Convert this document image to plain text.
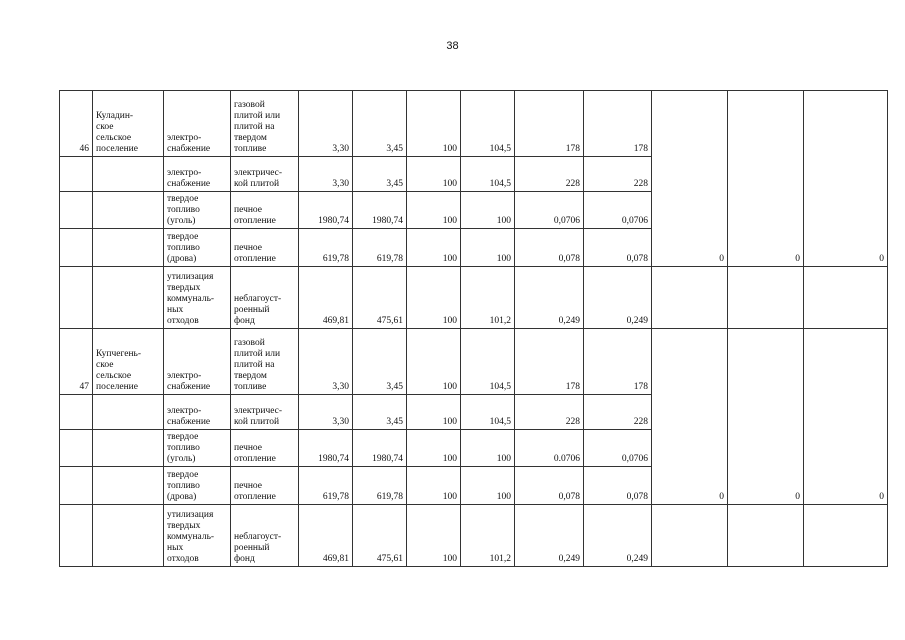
38
46	Куладин-
ское
сельское
поселение	электро-
снабжение	газовой
плитой или
плитой на
твердом
топливе	3,30	3,45	100	104,5	178	178	0	0	0
		электро-
снабжение	электричес-
кой плитой	3,30	3,45	100	104,5	228	228			
		твердое
топливо
(уголь)	печное
отопление	1980,74	1980,74	100	100	0,0706	0,0706			
		твердое
топливо
(дрова)	печное
отопление	619,78	619,78	100	100	0,078	0,078			
		утилизация
твердых
коммуналь-
ных
отходов	неблагоуст-
роенный
фонд	469,81	475,61	100	101,2	0,249	0,249			
47	Купчегень-
ское
сельское
поселение	электро-
снабжение	газовой
плитой или
плитой на
твердом
топливе	3,30	3,45	100	104,5	178	178	0	0	0
		электро-
снабжение	электричес-
кой плитой	3,30	3,45	100	104,5	228	228			
		твердое
топливо
(уголь)	печное
отопление	1980,74	1980,74	100	100	0.0706	0,0706			
		твердое
топливо
(дрова)	печное
отопление	619,78	619,78	100	100	0,078	0,078			
		утилизация
твердых
коммуналь-
ных
отходов	неблагоуст-
роенный
фонд	469,81	475,61	100	101,2	0,249	0,249			
